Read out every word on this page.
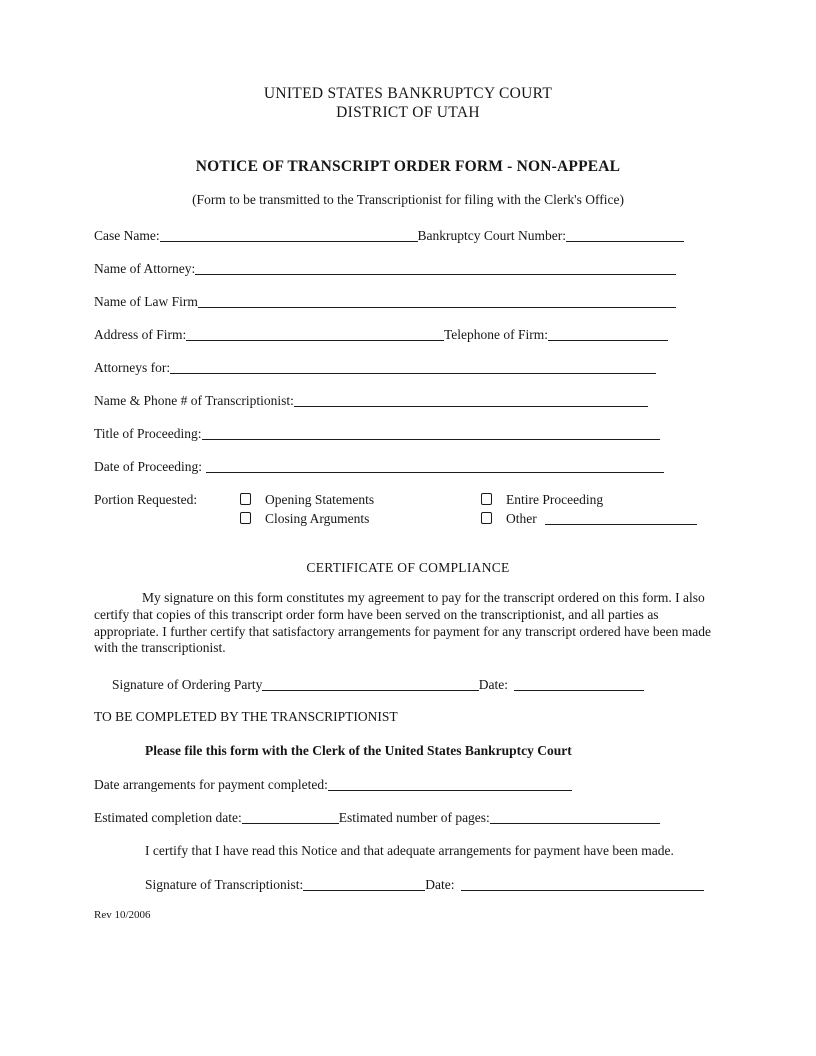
UNITED STATES BANKRUPTCY COURT
DISTRICT OF UTAH
NOTICE OF TRANSCRIPT ORDER FORM - NON-APPEAL
(Form to be transmitted to the Transcriptionist for filing with the Clerk's Office)
Case Name:	Bankruptcy Court Number:
Name of Attorney:
Name of Law Firm
Address of Firm:	Telephone of Firm:
Attorneys for:
Name & Phone # of Transcriptionist:
Title of Proceeding:
Date of Proceeding:
Portion Requested:	Opening Statements	Entire Proceeding
Closing Arguments	Other
CERTIFICATE OF COMPLIANCE
My signature on this form constitutes my agreement to pay for the transcript ordered on this form. I also certify that copies of this transcript order form have been served on the transcriptionist, and all parties as appropriate. I further certify that satisfactory arrangements for payment for any transcript ordered have been made with the transcriptionist.
Signature of Ordering Party	Date:
TO BE COMPLETED BY THE TRANSCRIPTIONIST
Please file this form with the Clerk of the United States Bankruptcy Court
Date arrangements for payment completed:
Estimated completion date:	Estimated number of pages:
I certify that I have read this Notice and that adequate arrangements for payment have been made.
Signature of Transcriptionist:	Date:
Rev 10/2006
